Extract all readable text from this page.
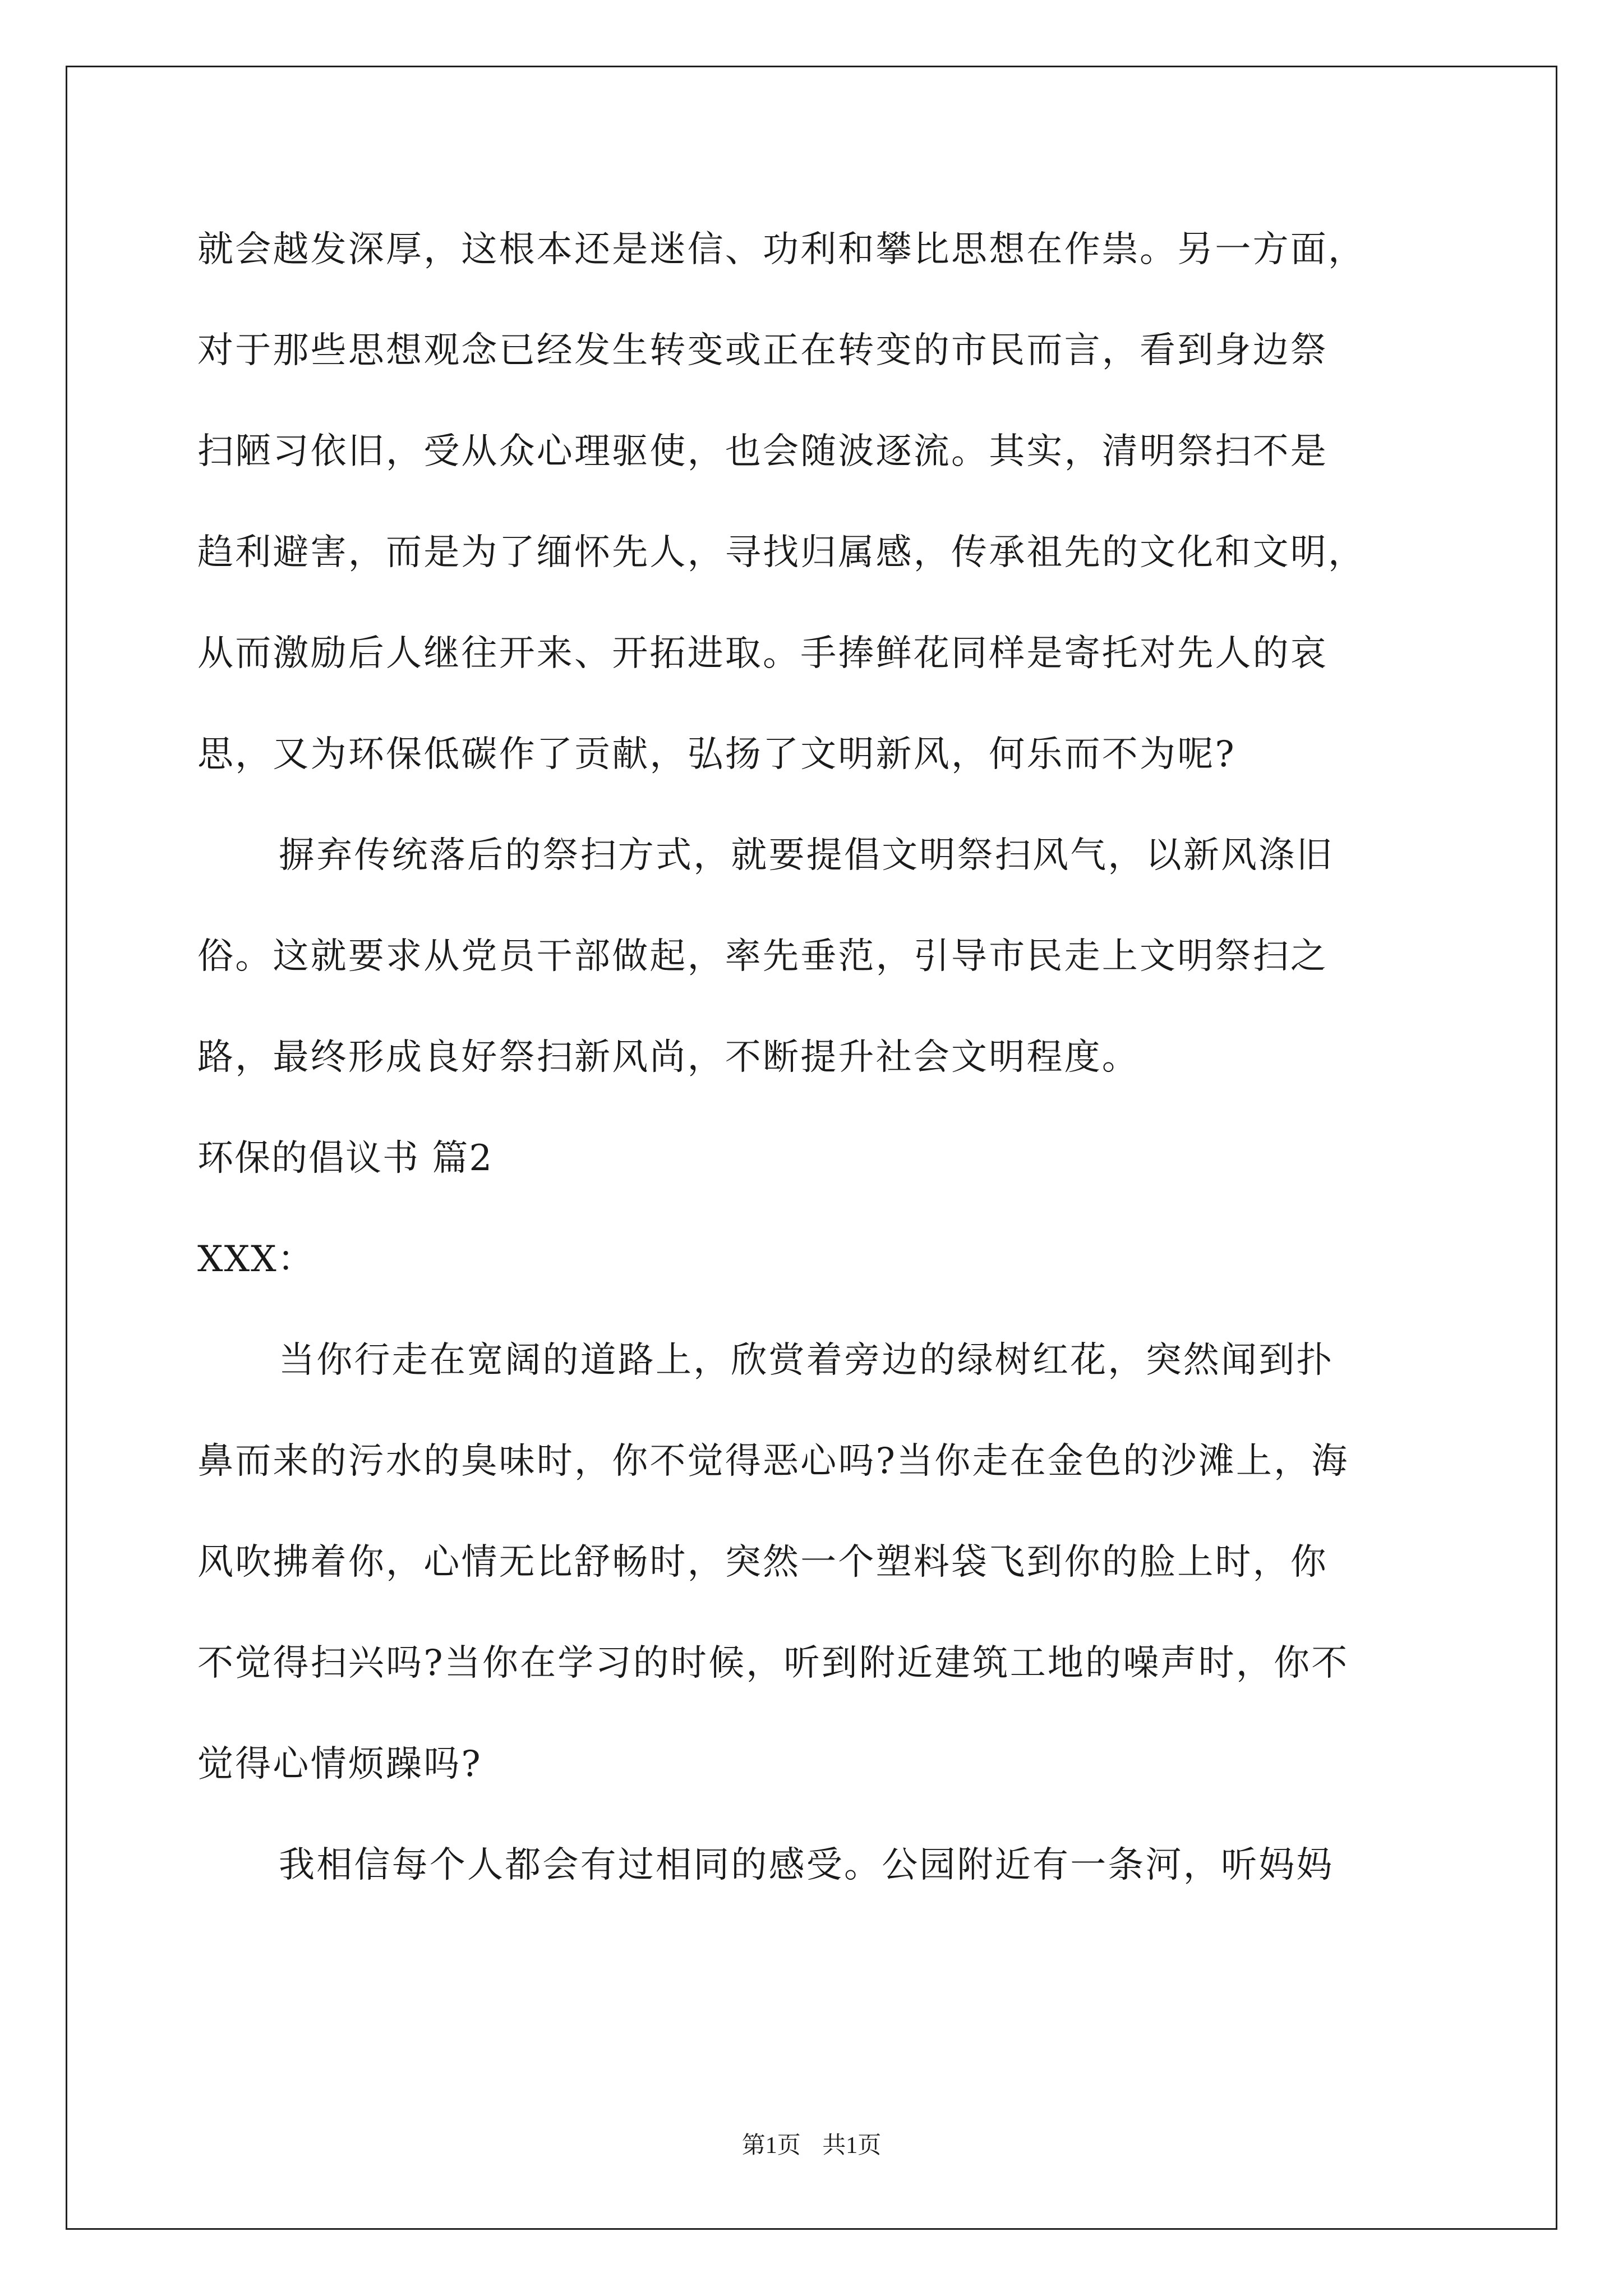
就会越发深厚，这根本还是迷信、功利和攀比思想在作祟。另一方面，
对于那些思想观念已经发生转变或正在转变的市民而言，看到身边祭
扫陋习依旧，受从众心理驱使，也会随波逐流。其实，清明祭扫不是
趋利避害，而是为了缅怀先人，寻找归属感，传承祖先的文化和文明，
从而激励后人继往开来、开拓进取。手捧鲜花同样是寄托对先人的哀
思，又为环保低碳作了贡献，弘扬了文明新风，何乐而不为呢?
摒弃传统落后的祭扫方式，就要提倡文明祭扫风气，以新风涤旧
俗。这就要求从党员干部做起，率先垂范，引导市民走上文明祭扫之
路，最终形成良好祭扫新风尚，不断提升社会文明程度。
环保的倡议书 篇2
XXX：
当你行走在宽阔的道路上，欣赏着旁边的绿树红花，突然闻到扑
鼻而来的污水的臭味时，你不觉得恶心吗?当你走在金色的沙滩上，海
风吹拂着你，心情无比舒畅时，突然一个塑料袋飞到你的脸上时，你
不觉得扫兴吗?当你在学习的时候，听到附近建筑工地的噪声时，你不
觉得心情烦躁吗?
我相信每个人都会有过相同的感受。公园附近有一条河，听妈妈
第1页 共1页
